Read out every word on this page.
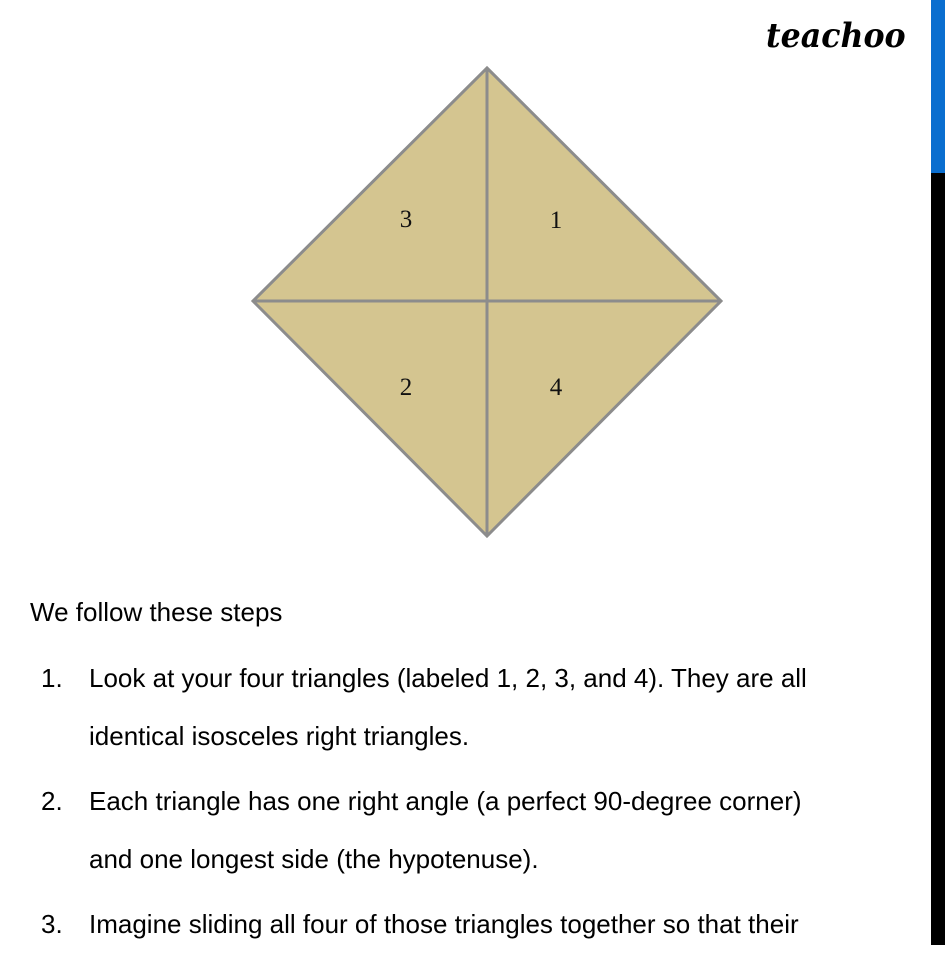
teachoo
3	1
2	4
We follow these steps
1. Look at your four triangles (labeled 1, 2, 3, and 4). They are all
identical isosceles right triangles.
2. Each triangle has one right angle (a perfect 90-degree corner)
and one longest side (the hypotenuse).
3. Imagine sliding all four of those triangles together so that their
